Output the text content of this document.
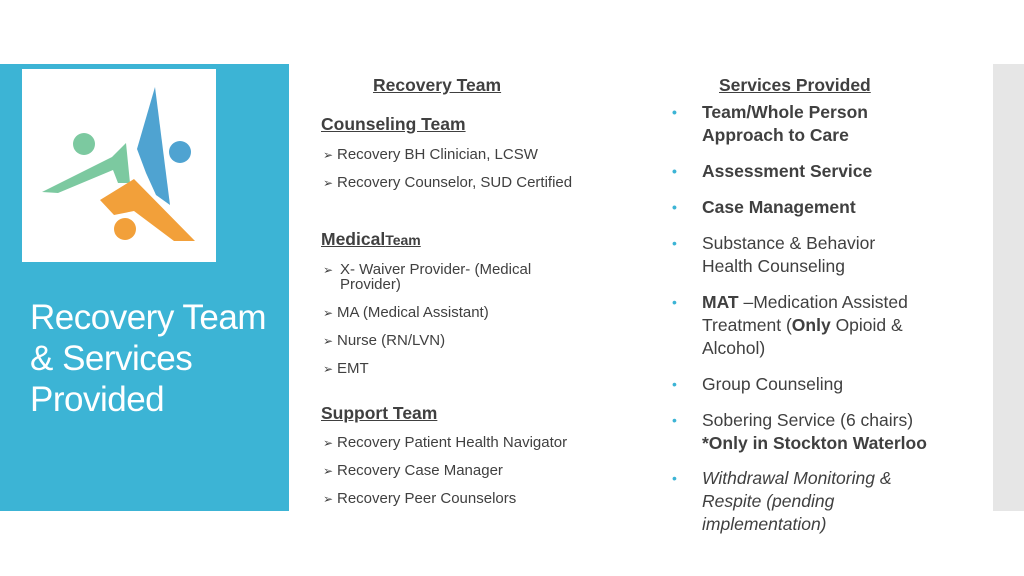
Recovery Team
& Services
Provided
Recovery Team
Counseling Team
➢ Recovery BH Clinician, LCSW
➢ Recovery Counselor, SUD Certified
MedicalTeam
➢ X- Waiver Provider- (Medical
Provider)
➢ MA (Medical Assistant)
➢ Nurse (RN/LVN)
➢ EMT
Support Team
➢ Recovery Patient Health Navigator
➢ Recovery Case Manager
➢ Recovery Peer Counselors
Services Provided
• Team/Whole Person
Approach to Care
• Assessment Service
• Case Management
• Substance & Behavior
Health Counseling
• MAT –Medication Assisted
Treatment (Only Opioid &
Alcohol)
• Group Counseling
• Sobering Service (6 chairs)
*Only in Stockton Waterloo
• Withdrawal Monitoring &
Respite (pending
implementation)
